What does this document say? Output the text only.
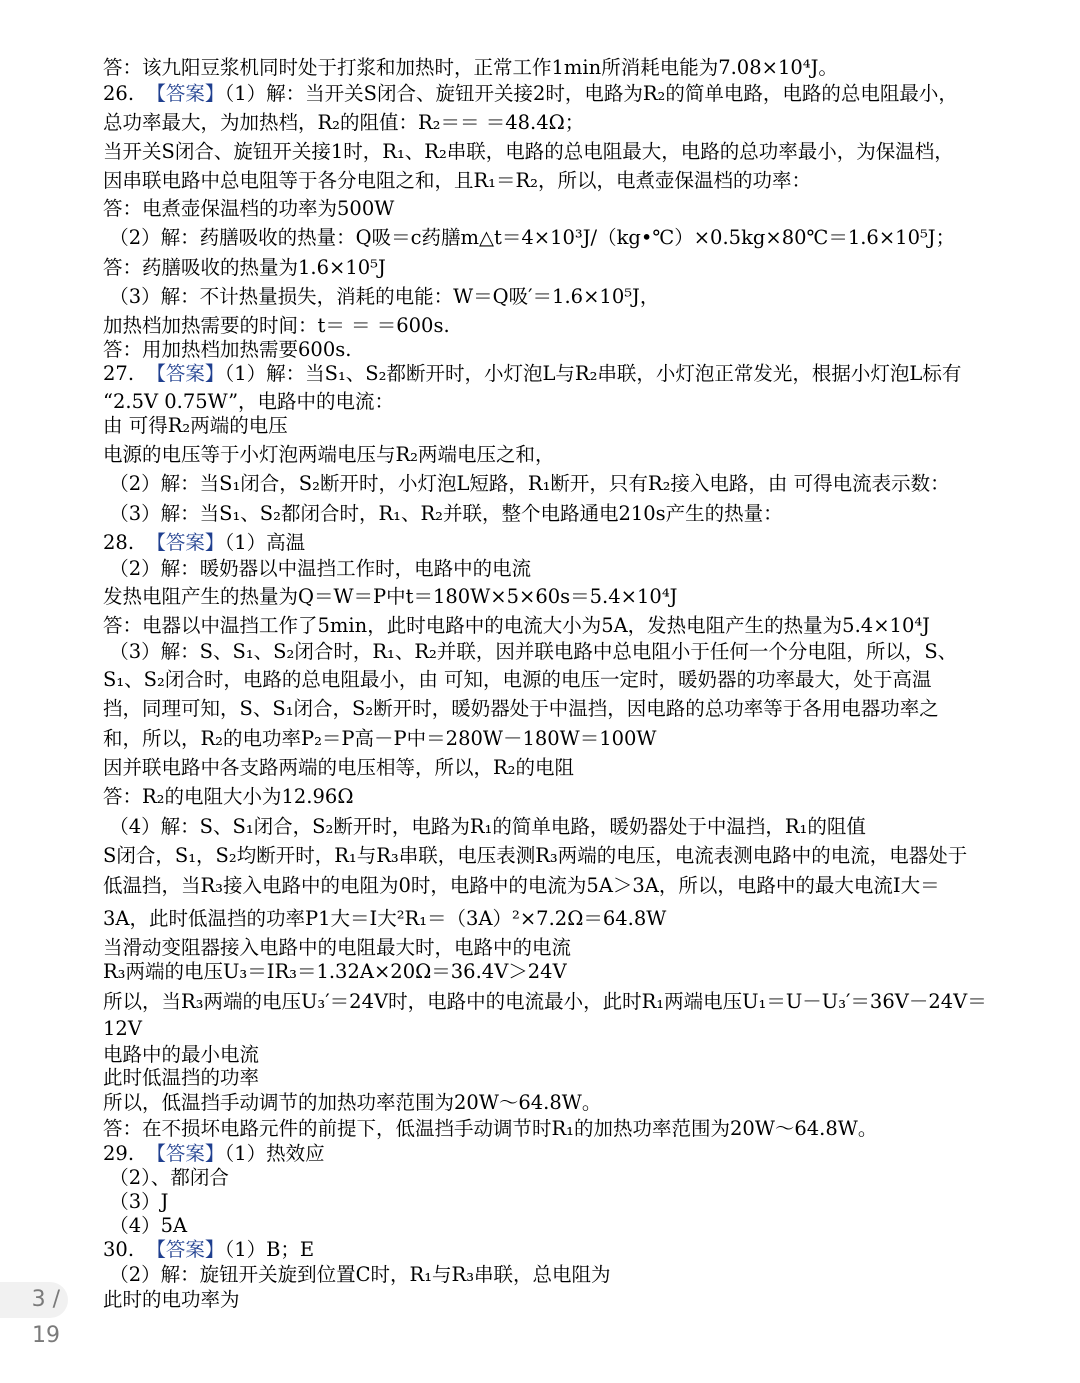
答：该九阳豆浆机同时处于打浆和加热时，正常工作1min所消耗电能为7.08×10⁴J。
26.  【答案】（1）解：当开关S闭合、旋钮开关接2时，电路为R₂的简单电路，电路的总电阻最小，
总功率最大，为加热档，R₂的阻值：R₂＝＝ ＝48.4Ω；
当开关S闭合、旋钮开关接1时，R₁、R₂串联，电路的总电阻最大，电路的总功率最小，为保温档，
因串联电路中总电阻等于各分电阻之和，且R₁＝R₂，所以，电煮壶保温档的功率：
答：电煮壶保温档的功率为500W
（2）解：药膳吸收的热量：Q吸＝c药膳m△t＝4×10³J/（kg•℃）×0.5kg×80℃＝1.6×10⁵J；
答：药膳吸收的热量为1.6×10⁵J
（3）解：不计热量损失，消耗的电能：W＝Q吸′＝1.6×10⁵J，
加热档加热需要的时间：t＝ ＝ ＝600s.
答：用加热档加热需要600s.
27.  【答案】（1）解：当S₁、S₂都断开时，小灯泡L与R₂串联，小灯泡正常发光，根据小灯泡L标有
“2.5V 0.75W”，电路中的电流：
由 可得R₂两端的电压
电源的电压等于小灯泡两端电压与R₂两端电压之和，
（2）解：当S₁闭合，S₂断开时，小灯泡L短路，R₁断开，只有R₂接入电路，由 可得电流表示数：
（3）解：当S₁、S₂都闭合时，R₁、R₂并联，整个电路通电210s产生的热量：
28.  【答案】（1）高温
（2）解：暖奶器以中温挡工作时，电路中的电流
发热电阻产生的热量为Q＝W＝P中t＝180W×5×60s＝5.4×10⁴J
答：电器以中温挡工作了5min，此时电路中的电流大小为5A，发热电阻产生的热量为5.4×10⁴J
（3）解：S、S₁、S₂闭合时，R₁、R₂并联，因并联电路中总电阻小于任何一个分电阻，所以，S、
S₁、S₂闭合时，电路的总电阻最小，由 可知，电源的电压一定时，暖奶器的功率最大，处于高温
挡，同理可知，S、S₁闭合，S₂断开时，暖奶器处于中温挡，因电路的总功率等于各用电器功率之
和，所以，R₂的电功率P₂＝P高－P中＝280W－180W＝100W
因并联电路中各支路两端的电压相等，所以，R₂的电阻
答：R₂的电阻大小为12.96Ω
（4）解：S、S₁闭合，S₂断开时，电路为R₁的简单电路，暖奶器处于中温挡，R₁的阻值
S闭合，S₁，S₂均断开时，R₁与R₃串联，电压表测R₃两端的电压，电流表测电路中的电流，电器处于
低温挡，当R₃接入电路中的电阻为0时，电路中的电流为5A＞3A，所以，电路中的最大电流I大＝
3A，此时低温挡的功率P1大＝I大²R₁＝（3A）²×7.2Ω＝64.8W
当滑动变阻器接入电路中的电阻最大时，电路中的电流
R₃两端的电压U₃＝IR₃＝1.32A×20Ω＝36.4V＞24V
所以，当R₃两端的电压U₃′＝24V时，电路中的电流最小，此时R₁两端电压U₁＝U－U₃′＝36V－24V＝
12V
电路中的最小电流
此时低温挡的功率
所以，低温挡手动调节的加热功率范围为20W～64.8W。
答：在不损坏电路元件的前提下，低温挡手动调节时R₁的加热功率范围为20W～64.8W。
29.  【答案】（1）热效应
（2）、都闭合
（3）J
（4）5A
30.  【答案】（1）B；E
（2）解：旋钮开关旋到位置C时，R₁与R₃串联，总电阻为
此时的电功率为
3 / 19
